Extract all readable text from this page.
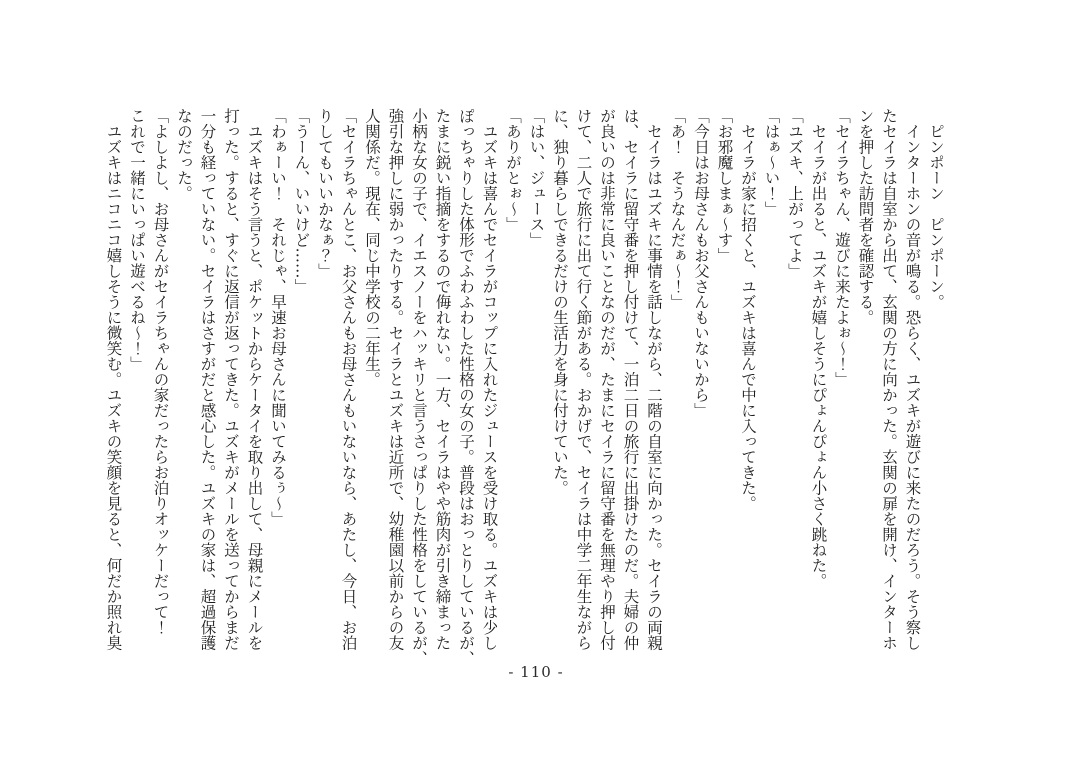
　ピンポーン　ピンポーン。
　インターホンの音が鳴る。恐らく、ユズキが遊びに来たのだろう。そう察し
たセイラは自室から出て、玄関の方に向かった。玄関の扉を開け、インターホ
ンを押した訪問者を確認する。
「セイラちゃん、遊びに来たよぉ～！」
　セイラが出ると、ユズキが嬉しそうにぴょんぴょん小さく跳ねた。
「ユズキ、上がってよ」
「はぁ～い！」
　セイラが家に招くと、ユズキは喜んで中に入ってきた。
「お邪魔しまぁ～す」
「今日はお母さんもお父さんもいないから」
「あ！　そうなんだぁ～！」
　セイラはユズキに事情を話しながら、二階の自室に向かった。セイラの両親
は、セイラに留守番を押し付けて、一泊二日の旅行に出掛けたのだ。夫婦の仲
が良いのは非常に良いことなのだが、たまにセイラに留守番を無理やり押し付
けて、二人で旅行に出て行く節がある。おかげで、セイラは中学二年生ながら
に、独り暮らしできるだけの生活力を身に付けていた。
「はい、ジュース」
「ありがとぉ～」
　ユズキは喜んでセイラがコップに入れたジュースを受け取る。ユズキは少し
ぽっちゃりした体形でふわふわした性格の女の子。普段はおっとりしているが、
たまに鋭い指摘をするので侮れない。一方、セイラはやや筋肉が引き締まった
小柄な女の子で、イエスノーをハッキリと言うさっぱりした性格をしているが、
強引な押しに弱かったりする。セイラとユズキは近所で、幼稚園以前からの友
人関係だ。現在、同じ中学校の二年生。
「セイラちゃんとこ、お父さんもお母さんもいないなら、あたし、今日、お泊
りしてもいいかなぁ？」
「うーん、いいけど……」
「わぁーい！　それじゃ、早速お母さんに聞いてみるぅ～」
　ユズキはそう言うと、ポケットからケータイを取り出して、母親にメールを
打った。すると、すぐに返信が返ってきた。ユズキがメールを送ってからまだ
一分も経っていない。セイラはさすがだと感心した。ユズキの家は、超過保護
なのだった。
「よしよし、お母さんがセイラちゃんの家だったらお泊りオッケーだって！
これで一緒にいっぱい遊べるね～！」
　ユズキはニコニコ嬉しそうに微笑む。ユズキの笑顔を見ると、何だか照れ臭
- 110 -
